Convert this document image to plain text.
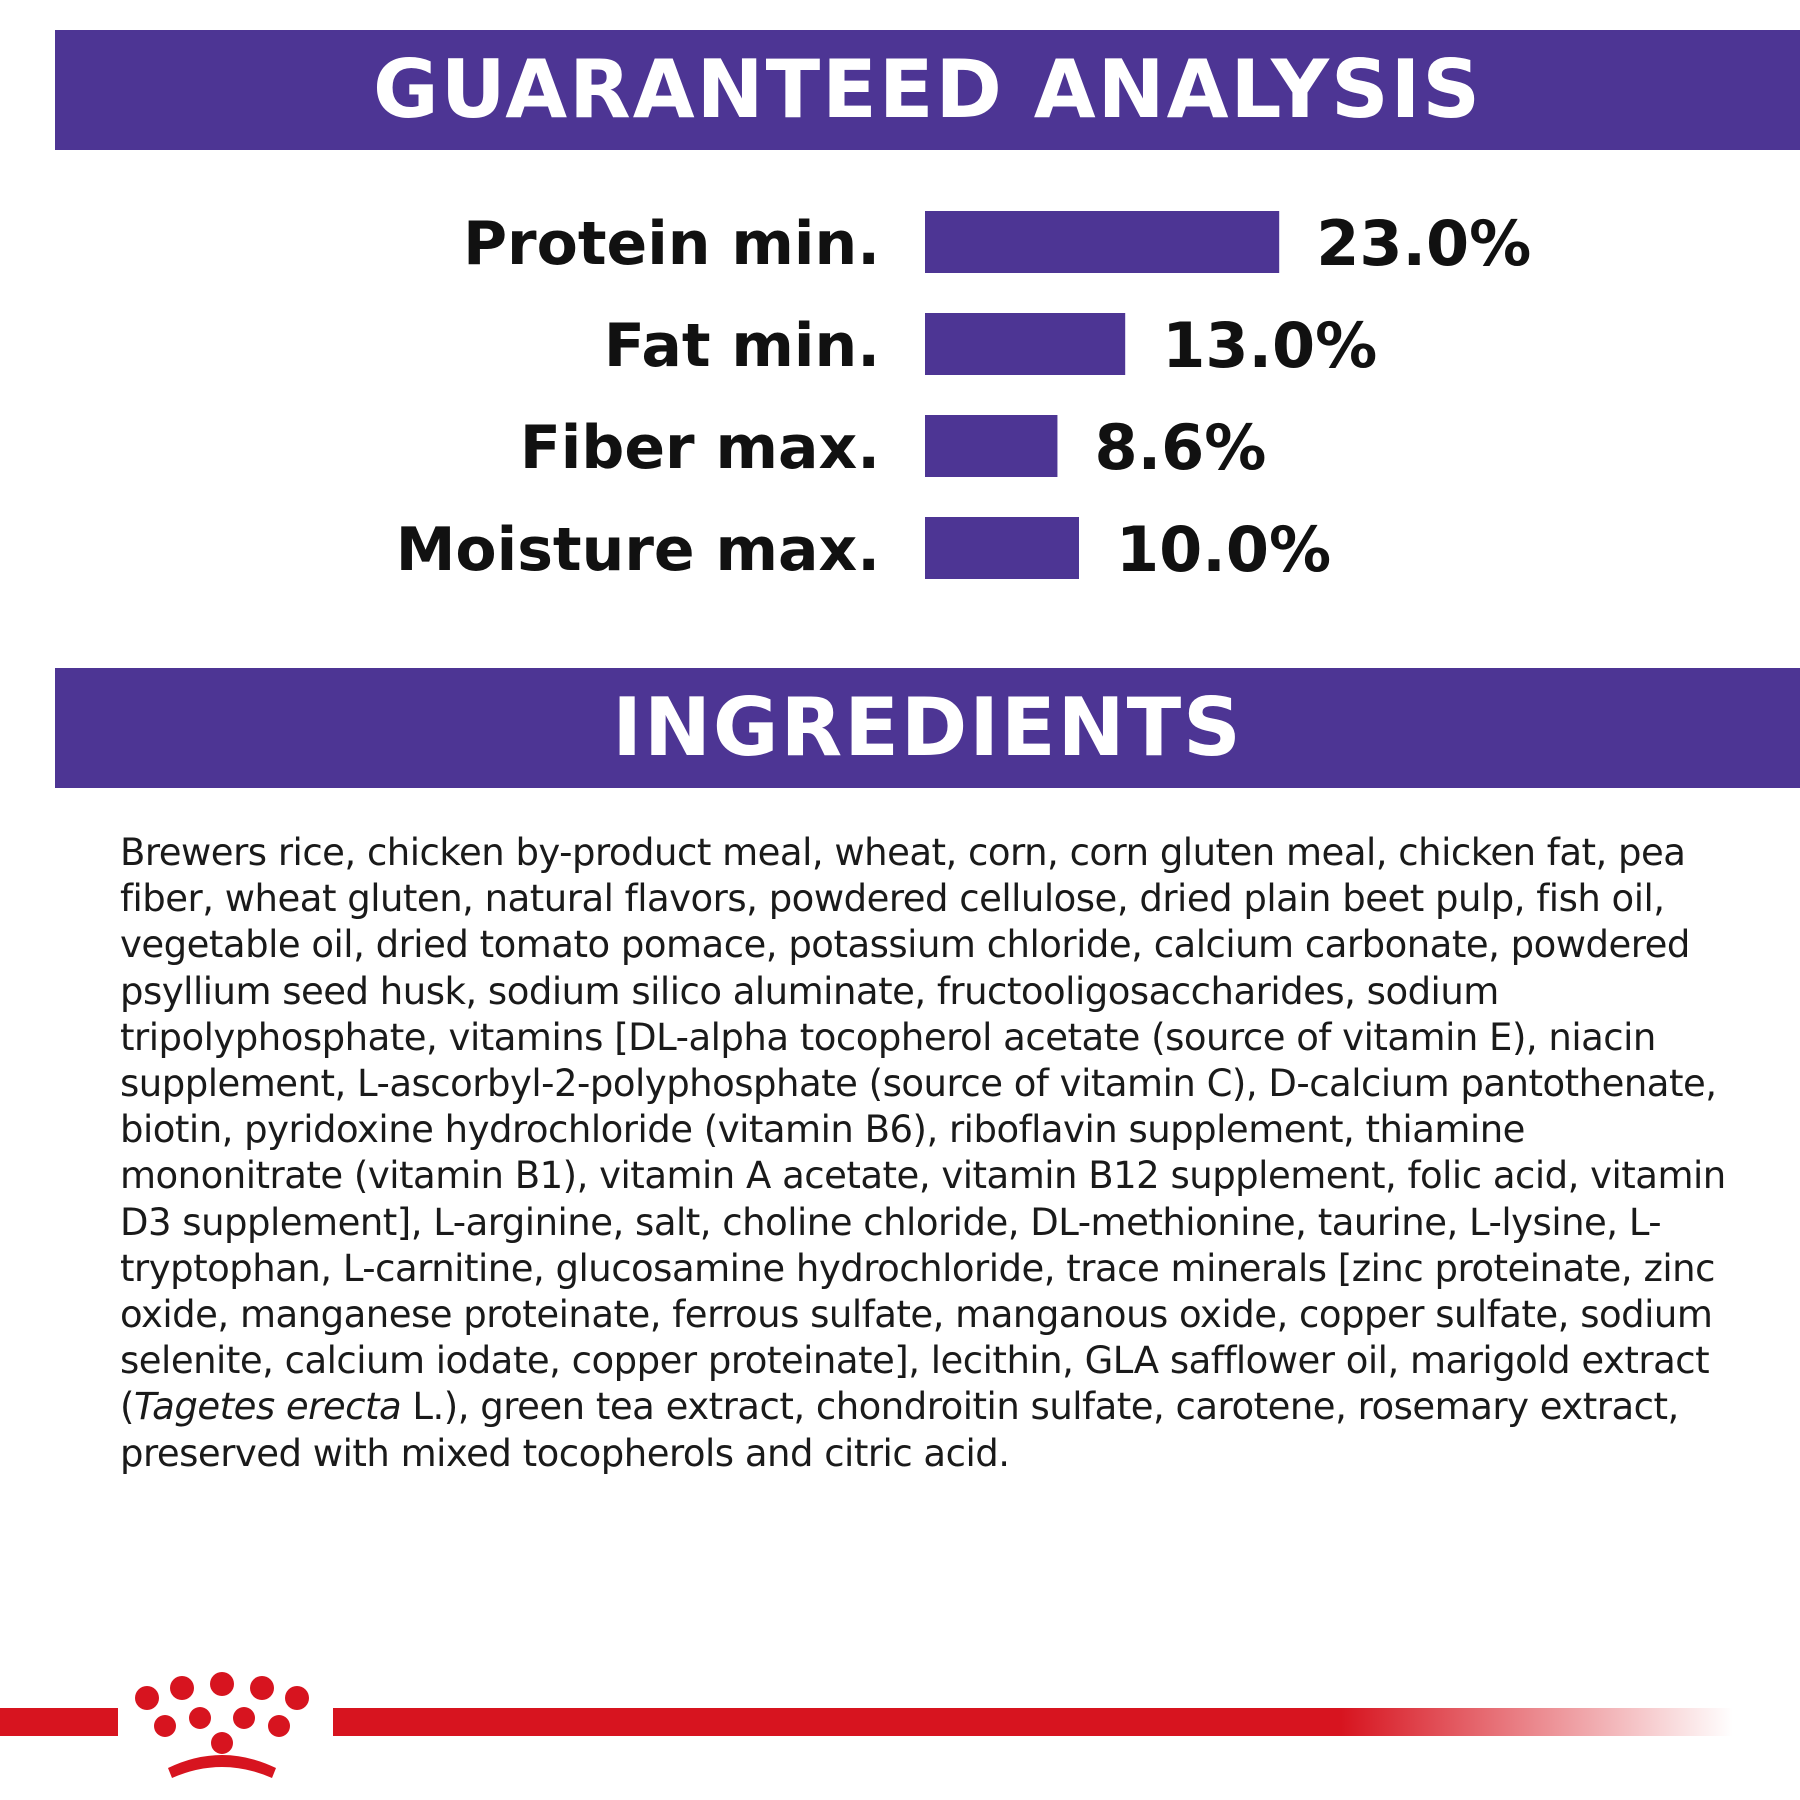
GUARANTEED ANALYSIS
Protein min.	23.0%
Fat min.	13.0%
Fiber max.	8.6%
Moisture max.	10.0%
INGREDIENTS
Brewers rice, chicken by-product meal, wheat, corn, corn gluten meal, chicken fat, pea fiber, wheat gluten, natural flavors, powdered cellulose, dried plain beet pulp, fish oil, vegetable oil, dried tomato pomace, potassium chloride, calcium carbonate, powdered psyllium seed husk, sodium silico aluminate, fructooligosaccharides, sodium tripolyphosphate, vitamins [DL-alpha tocopherol acetate (source of vitamin E), niacin supplement, L-ascorbyl-2-polyphosphate (source of vitamin C), D-calcium pantothenate, biotin, pyridoxine hydrochloride (vitamin B6), riboflavin supplement, thiamine mononitrate (vitamin B1), vitamin A acetate, vitamin B12 supplement, folic acid, vitamin D3 supplement], L-arginine, salt, choline chloride, DL-methionine, taurine, L-lysine, L-tryptophan, L-carnitine, glucosamine hydrochloride, trace minerals [zinc proteinate, zinc oxide, manganese proteinate, ferrous sulfate, manganous oxide, copper sulfate, sodium selenite, calcium iodate, copper proteinate], lecithin, GLA safflower oil, marigold extract (Tagetes erecta L.), green tea extract, chondroitin sulfate, carotene, rosemary extract, preserved with mixed tocopherols and citric acid.
